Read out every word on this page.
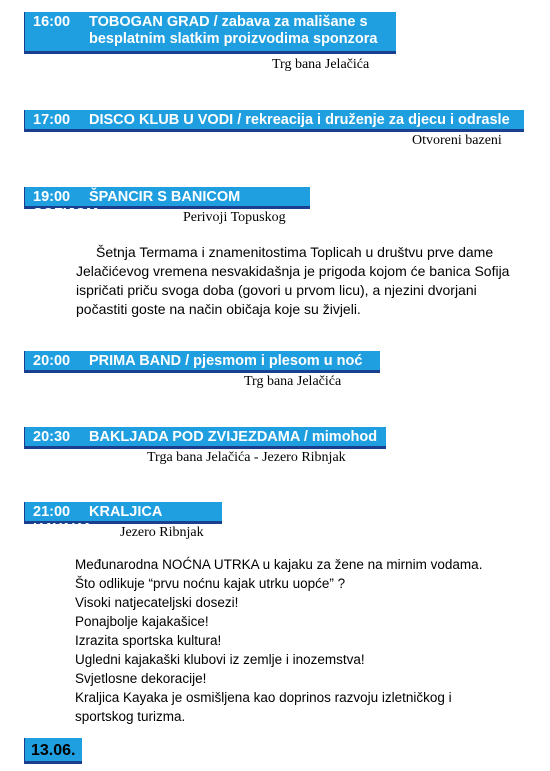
16:00 TOBOGAN GRAD / zabava za mališane s
besplatnim slatkim proizvodima sponzora
Trg bana Jelačića
17:00 DISCO KLUB U VODI / rekreacija i druženje za djecu i odrasle
Otvoreni bazeni
19:00 ŠPANCIR S BANICOM SOFIJOM	Perivoji Topuskog
Šetnja Termama i znamenitostima Toplicah u društvu prve dame
Jelačićevog vremena nesvakidašnja je prigoda kojom će banica Sofija
ispričati priču svoga doba (govori u prvom licu), a njezini dvorjani
počastiti goste na način običaja koje su živjeli.
20:00 PRIMA BAND / pjesmom i plesom u noć
Trg bana Jelačića
20:30 BAKLJADA POD ZVIJEZDAMA / mimohod
Trga bana Jelačića - Jezero Ribnjak
21:00 KRALJICA KAYAKA	Jezero Ribnjak
Međunarodna NOĆNA UTRKA u kajaku za žene na mirnim vodama.
Što odlikuje “prvu noćnu kajak utrku uopće” ?
Visoki natjecateljski dosezi!
Ponajbolje kajakašice!
Izrazita sportska kultura!
Ugledni kajakaški klubovi iz zemlje i inozemstva!
Svjetlosne dekoracije!
Kraljica Kayaka je osmišljena kao doprinos razvoju izletničkog i
sportskog turizma.
13.06.
